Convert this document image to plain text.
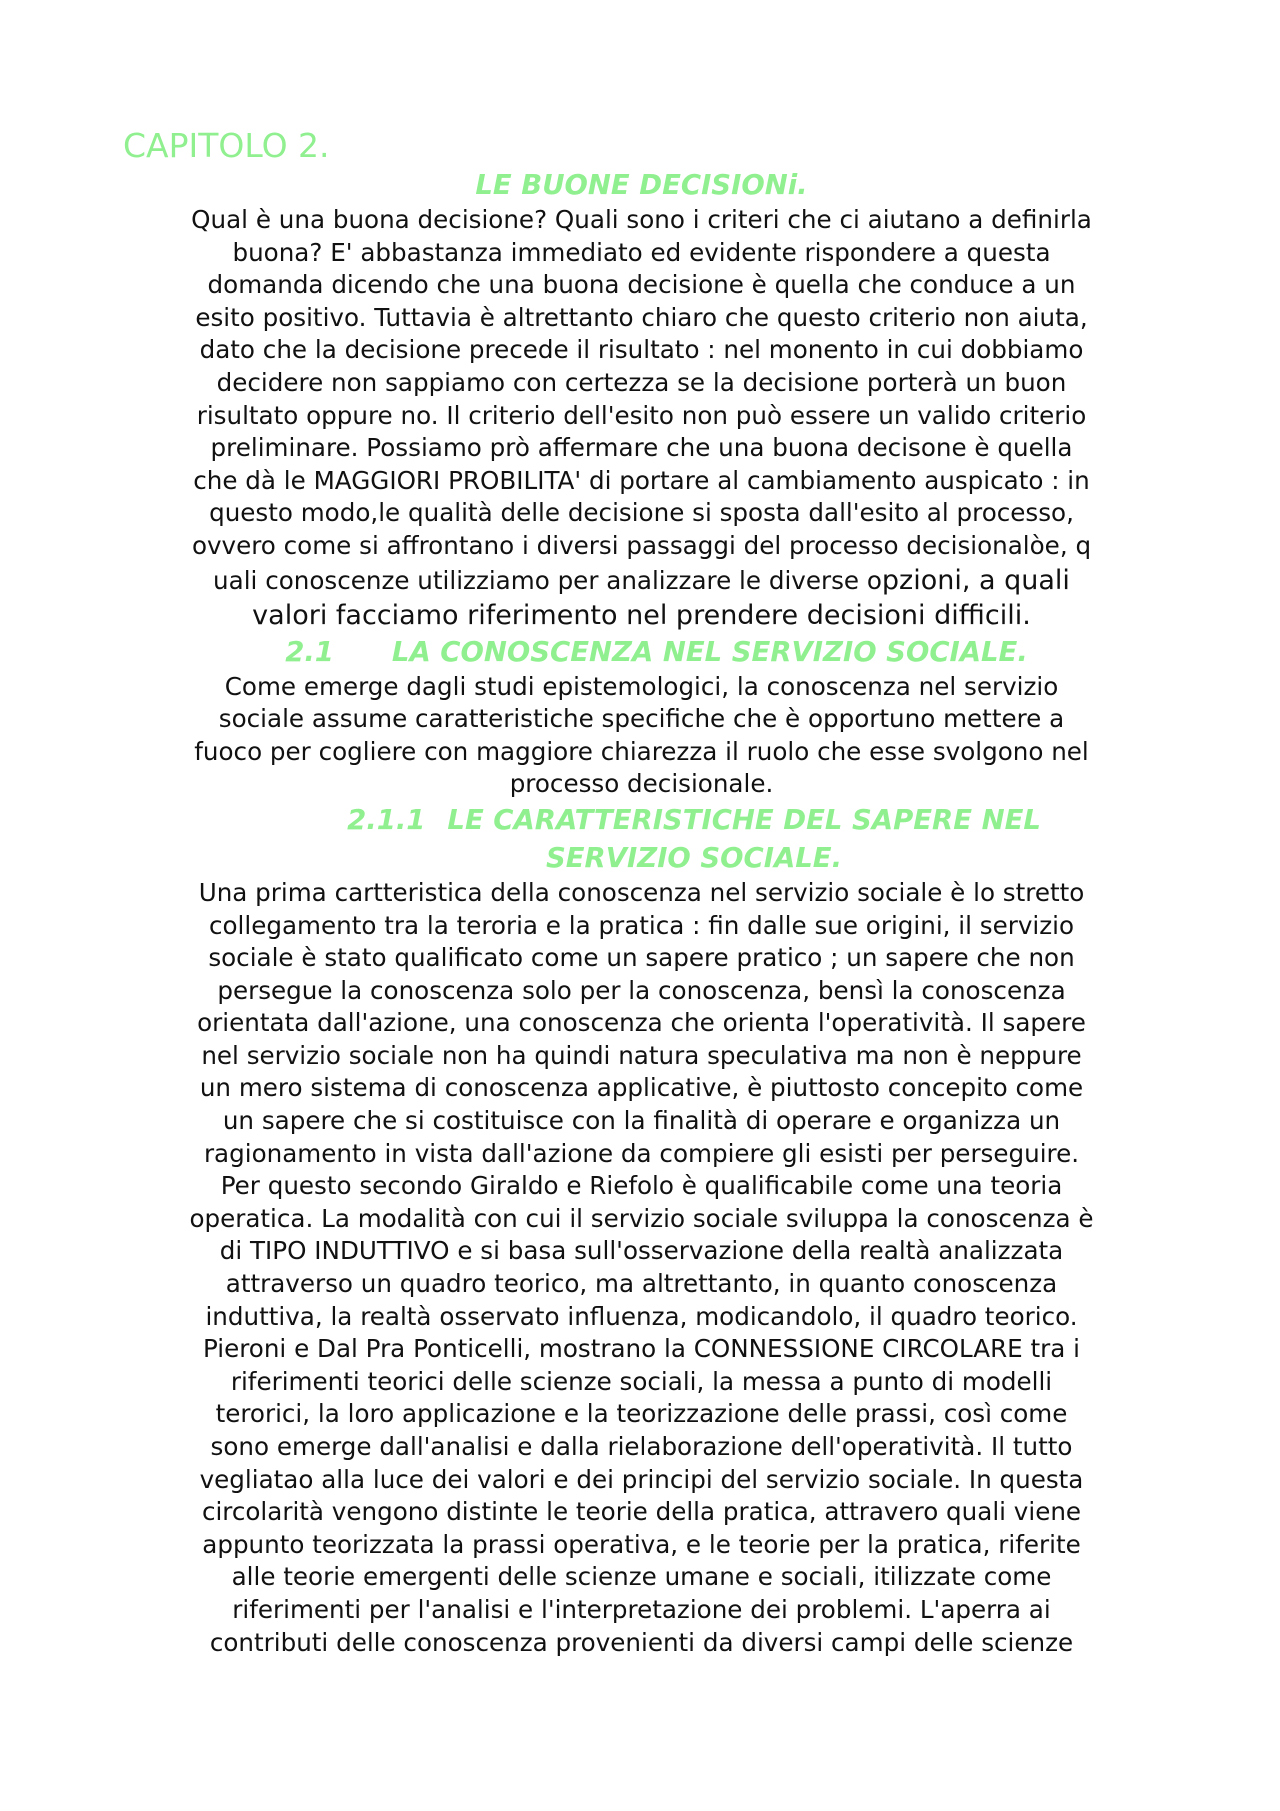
CAPITOLO 2.
LE BUONE DECISIONi.

Qual è una buona decisione? Quali sono i criteri che ci aiutano a definirla
buona? E' abbastanza immediato ed evidente rispondere a questa
domanda dicendo che una buona decisione è quella che conduce a un
esito positivo. Tuttavia è altrettanto chiaro che questo criterio non aiuta,
dato che la decisione precede il risultato : nel monento in cui dobbiamo
decidere non sappiamo con certezza se la decisione porterà un buon
risultato oppure no. Il criterio dell'esito non può essere un valido criterio
preliminare. Possiamo prò affermare che una buona decisone è quella
che dà le MAGGIORI PROBILITA' di portare al cambiamento auspicato : in
questo modo,le qualità delle decisione si sposta dall'esito al processo,
ovvero come si affrontano i diversi passaggi del processo decisionalòe, q
uali conoscenze utilizziamo per analizzare le diverse opzioni, a quali
valori facciamo riferimento nel prendere decisioni difficili.

2.1 LA CONOSCENZA NEL SERVIZIO SOCIALE.

Come emerge dagli studi epistemologici, la conoscenza nel servizio
sociale assume caratteristiche specifiche che è opportuno mettere a
fuoco per cogliere con maggiore chiarezza il ruolo che esse svolgono nel
processo decisionale.

2.1.1 LE CARATTERISTICHE DEL SAPERE NEL
SERVIZIO SOCIALE.

Una prima cartteristica della conoscenza nel servizio sociale è lo stretto
collegamento tra la teroria e la pratica : fin dalle sue origini, il servizio
sociale è stato qualificato come un sapere pratico ; un sapere che non
persegue la conoscenza solo per la conoscenza, bensì la conoscenza
orientata dall'azione, una conoscenza che orienta l'operatività. Il sapere
nel servizio sociale non ha quindi natura speculativa ma non è neppure
un mero sistema di conoscenza applicative, è piuttosto concepito come
un sapere che si costituisce con la finalità di operare e organizza un
ragionamento in vista dall'azione da compiere gli esisti per perseguire.
Per questo secondo Giraldo e Riefolo è qualificabile come una teoria
operatica. La modalità con cui il servizio sociale sviluppa la conoscenza è
di TIPO INDUTTIVO e si basa sull'osservazione della realtà analizzata
attraverso un quadro teorico, ma altrettanto, in quanto conoscenza
induttiva, la realtà osservato influenza, modicandolo, il quadro teorico.
Pieroni e Dal Pra Ponticelli, mostrano la CONNESSIONE CIRCOLARE tra i
riferimenti teorici delle scienze sociali, la messa a punto di modelli
terorici, la loro applicazione e la teorizzazione delle prassi, così come
sono emerge dall'analisi e dalla rielaborazione dell'operatività. Il tutto
vegliatao alla luce dei valori e dei principi del servizio sociale. In questa
circolarità vengono distinte le teorie della pratica, attravero quali viene
appunto teorizzata la prassi operativa, e le teorie per la pratica, riferite
alle teorie emergenti delle scienze umane e sociali, itilizzate come
riferimenti per l'analisi e l'interpretazione dei problemi. L'aperra ai
contributi delle conoscenza provenienti da diversi campi delle scienze
